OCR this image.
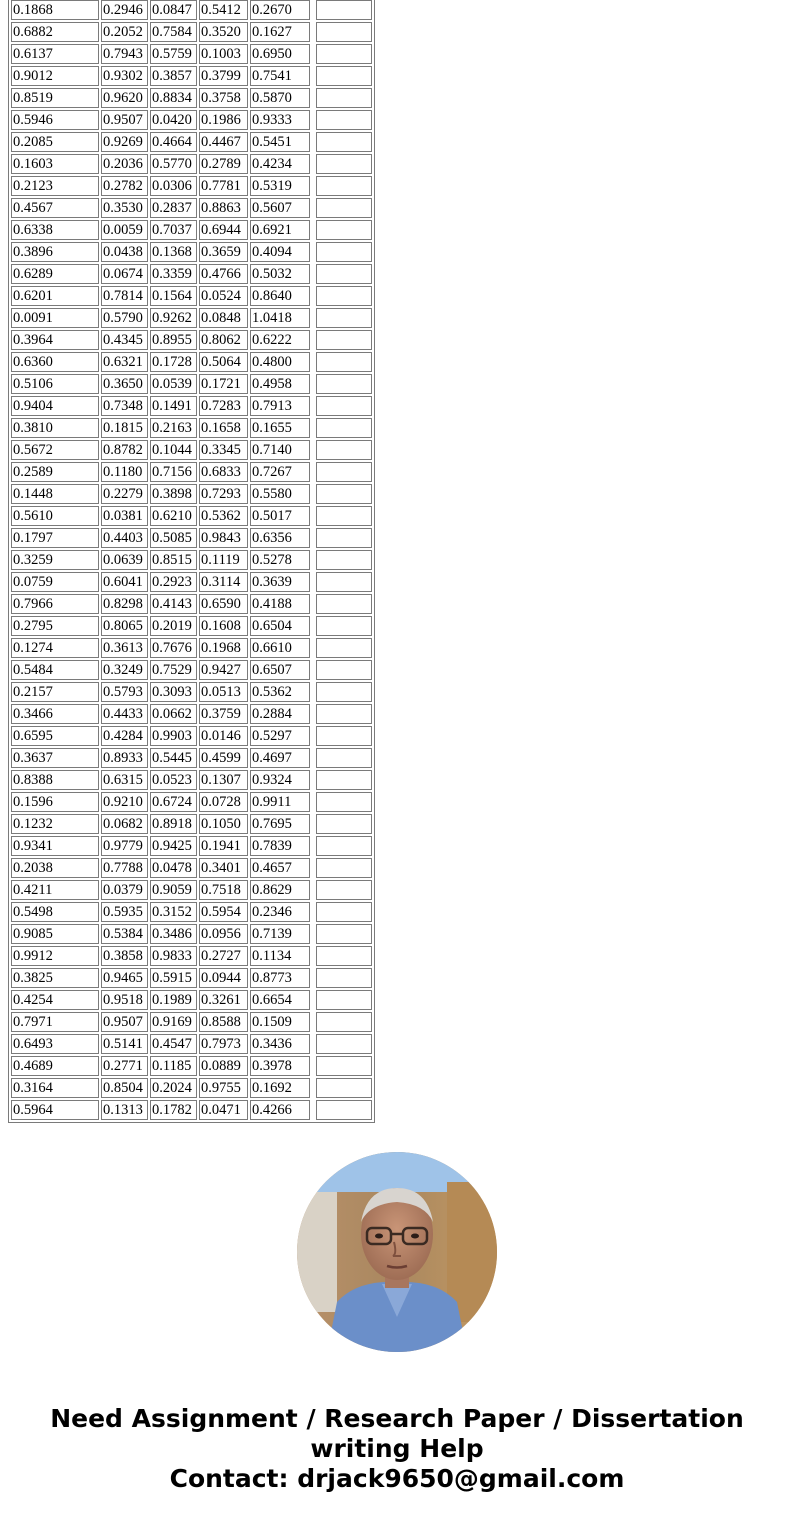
0.1868	0.2946	0.0847	0.5412	0.2670		
0.6882	0.2052	0.7584	0.3520	0.1627		
0.6137	0.7943	0.5759	0.1003	0.6950		
0.9012	0.9302	0.3857	0.3799	0.7541		
0.8519	0.9620	0.8834	0.3758	0.5870		
0.5946	0.9507	0.0420	0.1986	0.9333		
0.2085	0.9269	0.4664	0.4467	0.5451		
0.1603	0.2036	0.5770	0.2789	0.4234		
0.2123	0.2782	0.0306	0.7781	0.5319		
0.4567	0.3530	0.2837	0.8863	0.5607		
0.6338	0.0059	0.7037	0.6944	0.6921		
0.3896	0.0438	0.1368	0.3659	0.4094		
0.6289	0.0674	0.3359	0.4766	0.5032		
0.6201	0.7814	0.1564	0.0524	0.8640		
0.0091	0.5790	0.9262	0.0848	1.0418		
0.3964	0.4345	0.8955	0.8062	0.6222		
0.6360	0.6321	0.1728	0.5064	0.4800		
0.5106	0.3650	0.0539	0.1721	0.4958		
0.9404	0.7348	0.1491	0.7283	0.7913		
0.3810	0.1815	0.2163	0.1658	0.1655		
0.5672	0.8782	0.1044	0.3345	0.7140		
0.2589	0.1180	0.7156	0.6833	0.7267		
0.1448	0.2279	0.3898	0.7293	0.5580		
0.5610	0.0381	0.6210	0.5362	0.5017		
0.1797	0.4403	0.5085	0.9843	0.6356		
0.3259	0.0639	0.8515	0.1119	0.5278		
0.0759	0.6041	0.2923	0.3114	0.3639		
0.7966	0.8298	0.4143	0.6590	0.4188		
0.2795	0.8065	0.2019	0.1608	0.6504		
0.1274	0.3613	0.7676	0.1968	0.6610		
0.5484	0.3249	0.7529	0.9427	0.6507		
0.2157	0.5793	0.3093	0.0513	0.5362		
0.3466	0.4433	0.0662	0.3759	0.2884		
0.6595	0.4284	0.9903	0.0146	0.5297		
0.3637	0.8933	0.5445	0.4599	0.4697		
0.8388	0.6315	0.0523	0.1307	0.9324		
0.1596	0.9210	0.6724	0.0728	0.9911		
0.1232	0.0682	0.8918	0.1050	0.7695		
0.9341	0.9779	0.9425	0.1941	0.7839		
0.2038	0.7788	0.0478	0.3401	0.4657		
0.4211	0.0379	0.9059	0.7518	0.8629		
0.5498	0.5935	0.3152	0.5954	0.2346		
0.9085	0.5384	0.3486	0.0956	0.7139		
0.9912	0.3858	0.9833	0.2727	0.1134		
0.3825	0.9465	0.5915	0.0944	0.8773		
0.4254	0.9518	0.1989	0.3261	0.6654		
0.7971	0.9507	0.9169	0.8588	0.1509		
0.6493	0.5141	0.4547	0.7973	0.3436		
0.4689	0.2771	0.1185	0.0889	0.3978		
0.3164	0.8504	0.2024	0.9755	0.1692		
0.5964	0.1313	0.1782	0.0471	0.4266		
Need Assignment / Research Paper / Dissertation
writing Help
Contact: drjack9650@gmail.com
